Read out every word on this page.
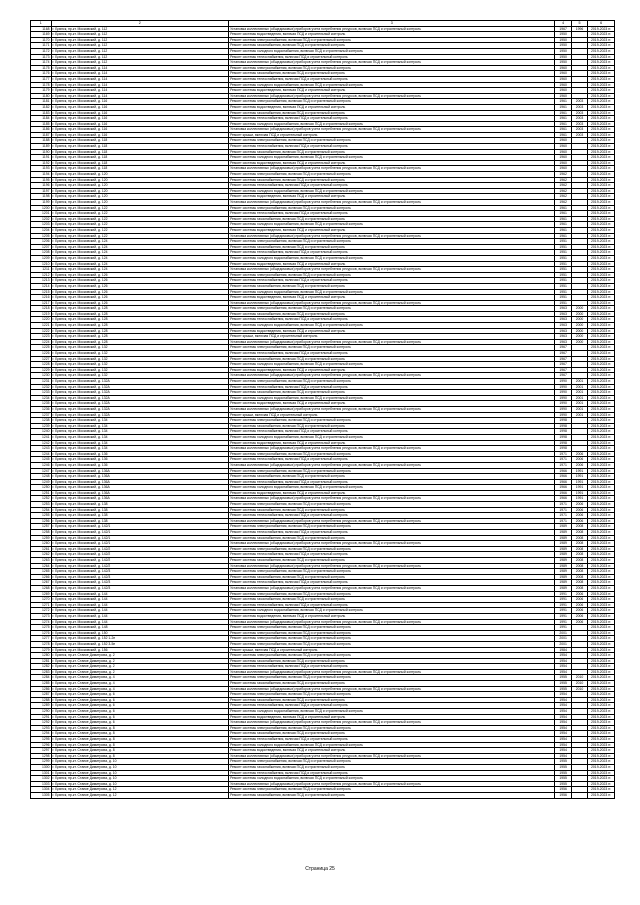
1	2	3	4	5	6
1168	г. Брянск, пр-кт. Московский, д. 112	Установка коллективных (общедомовых) приборов учета потребления ресурсов, включая ПСД и строительный контроль	1967	1996	2019-2023 гг.
1169	г. Брянск, пр-кт. Московский, д. 112	Ремонт системы водоотведения, включая ПСД и строительный контроль	1950		2019-2023 гг.
1170	г. Брянск, пр-кт. Московский, д. 112	Ремонт системы электроснабжения, включая ПСД и строительный контроль	1950		2019-2023 гг.
1171	г. Брянск, пр-кт. Московский, д. 112	Ремонт системы газоснабжения, включая ПСД и строительный контроль	1950		2019-2023 гг.
1172	г. Брянск, пр-кт. Московский, д. 112	Ремонт системы холодного водоснабжения, включая ПСД и строительный контроль	1950		2019-2023 гг.
1173	г. Брянск, пр-кт. Московский, д. 112	Ремонт системы теплоснабжения, включая ПСД и строительный контроль	1950		2019-2023 гг.
1174	г. Брянск, пр-кт. Московский, д. 112	Установка коллективных (общедомовых) приборов учета потребления ресурсов, включая ПСД и строительный контроль	1950		2019-2023 гг.
1175	г. Брянск, пр-кт. Московский, д. 114	Ремонт системы электроснабжения, включая ПСД и строительный контроль	1960		2019-2023 гг.
1176	г. Брянск, пр-кт. Московский, д. 114	Ремонт системы газоснабжения, включая ПСД и строительный контроль	1960		2019-2023 гг.
1177	г. Брянск, пр-кт. Московский, д. 114	Ремонт системы теплоснабжения, включая ПСД и строительный контроль	1960		2019-2023 гг.
1178	г. Брянск, пр-кт. Московский, д. 114	Ремонт системы холодного водоснабжения, включая ПСД и строительный контроль	1960		2019-2023 гг.
1179	г. Брянск, пр-кт. Московский, д. 114	Ремонт системы водоотведения, включая ПСД и строительный контроль	1960		2019-2023 гг.
1180	г. Брянск, пр-кт. Московский, д. 114	Установка коллективных (общедомовых) приборов учета потребления ресурсов, включая ПСД и строительный контроль	1960		2019-2023 гг.
1181	г. Брянск, пр-кт. Московский, д. 116	Ремонт системы электроснабжения, включая ПСД и строительный контроль	1961	2003	2019-2023 гг.
1182	г. Брянск, пр-кт. Московский, д. 116	Ремонт системы водоотведения, включая ПСД и строительный контроль	1961	2003	2019-2023 гг.
1183	г. Брянск, пр-кт. Московский, д. 116	Ремонт системы газоснабжения, включая ПСД и строительный контроль	1961	2003	2019-2023 гг.
1184	г. Брянск, пр-кт. Московский, д. 116	Ремонт системы теплоснабжения, включая ПСД и строительный контроль	1961	2003	2019-2023 гг.
1185	г. Брянск, пр-кт. Московский, д. 116	Ремонт системы холодного водоснабжения, включая ПСД и строительный контроль	1961	2003	2019-2023 гг.
1186	г. Брянск, пр-кт. Московский, д. 116	Установка коллективных (общедомовых) приборов учета потребления ресурсов, включая ПСД и строительный контроль	1961	2003	2019-2023 гг.
1187	г. Брянск, пр-кт. Московский, д. 116	Ремонт крыши, включая ПСД и строительный контроль	1961	2003	2019-2023 гг.
1188	г. Брянск, пр-кт. Московский, д. 118	Ремонт системы электроснабжения, включая ПСД и строительный контроль	1960		2019-2023 гг.
1189	г. Брянск, пр-кт. Московский, д. 118	Ремонт системы теплоснабжения, включая ПСД и строительный контроль	1960		2019-2023 гг.
1190	г. Брянск, пр-кт. Московский, д. 118	Ремонт системы газоснабжения, включая ПСД и строительный контроль	1960		2019-2023 гг.
1191	г. Брянск, пр-кт. Московский, д. 118	Ремонт системы холодного водоснабжения, включая ПСД и строительный контроль	1960		2019-2023 гг.
1192	г. Брянск, пр-кт. Московский, д. 118	Ремонт системы водоотведения, включая ПСД и строительный контроль	1960		2019-2023 гг.
1193	г. Брянск, пр-кт. Московский, д. 118	Установка коллективных (общедомовых) приборов учета потребления ресурсов, включая ПСД и строительный контроль	1960		2019-2023 гг.
1194	г. Брянск, пр-кт. Московский, д. 120	Ремонт системы электроснабжения, включая ПСД и строительный контроль	1962		2019-2023 гг.
1195	г. Брянск, пр-кт. Московский, д. 120	Ремонт системы газоснабжения, включая ПСД и строительный контроль	1962		2019-2023 гг.
1196	г. Брянск, пр-кт. Московский, д. 120	Ремонт системы теплоснабжения, включая ПСД и строительный контроль	1962		2019-2023 гг.
1197	г. Брянск, пр-кт. Московский, д. 120	Ремонт системы холодного водоснабжения, включая ПСД и строительный контроль	1962		2019-2023 гг.
1198	г. Брянск, пр-кт. Московский, д. 120	Ремонт системы водоотведения, включая ПСД и строительный контроль	1962		2019-2023 гг.
1199	г. Брянск, пр-кт. Московский, д. 120	Установка коллективных (общедомовых) приборов учета потребления ресурсов, включая ПСД и строительный контроль	1962		2019-2023 гг.
1200	г. Брянск, пр-кт. Московский, д. 122	Ремонт системы электроснабжения, включая ПСД и строительный контроль	1961		2019-2023 гг.
1201	г. Брянск, пр-кт. Московский, д. 122	Ремонт системы теплоснабжения, включая ПСД и строительный контроль	1961		2019-2023 гг.
1202	г. Брянск, пр-кт. Московский, д. 122	Ремонт системы газоснабжения, включая ПСД и строительный контроль	1961		2019-2023 гг.
1203	г. Брянск, пр-кт. Московский, д. 122	Ремонт системы холодного водоснабжения, включая ПСД и строительный контроль	1961		2019-2023 гг.
1204	г. Брянск, пр-кт. Московский, д. 122	Ремонт системы водоотведения, включая ПСД и строительный контроль	1961		2019-2023 гг.
1205	г. Брянск, пр-кт. Московский, д. 122	Установка коллективных (общедомовых) приборов учета потребления ресурсов, включая ПСД и строительный контроль	1961		2019-2023 гг.
1206	г. Брянск, пр-кт. Московский, д. 124	Ремонт системы электроснабжения, включая ПСД и строительный контроль	1951		2019-2023 гг.
1207	г. Брянск, пр-кт. Московский, д. 124	Ремонт системы газоснабжения, включая ПСД и строительный контроль	1951		2019-2023 гг.
1208	г. Брянск, пр-кт. Московский, д. 124	Ремонт системы теплоснабжения, включая ПСД и строительный контроль	1951		2019-2023 гг.
1209	г. Брянск, пр-кт. Московский, д. 124	Ремонт системы холодного водоснабжения, включая ПСД и строительный контроль	1951		2019-2023 гг.
1210	г. Брянск, пр-кт. Московский, д. 124	Ремонт системы водоотведения, включая ПСД и строительный контроль	1951		2019-2023 гг.
1211	г. Брянск, пр-кт. Московский, д. 124	Установка коллективных (общедомовых) приборов учета потребления ресурсов, включая ПСД и строительный контроль	1951		2019-2023 гг.
1212	г. Брянск, пр-кт. Московский, д. 126	Ремонт системы электроснабжения, включая ПСД и строительный контроль	1951		2019-2023 гг.
1213	г. Брянск, пр-кт. Московский, д. 126	Ремонт системы теплоснабжения, включая ПСД и строительный контроль	1951		2019-2023 гг.
1214	г. Брянск, пр-кт. Московский, д. 126	Ремонт системы газоснабжения, включая ПСД и строительный контроль	1951		2019-2023 гг.
1215	г. Брянск, пр-кт. Московский, д. 126	Ремонт системы холодного водоснабжения, включая ПСД и строительный контроль	1951		2019-2023 гг.
1216	г. Брянск, пр-кт. Московский, д. 126	Ремонт системы водоотведения, включая ПСД и строительный контроль	1951		2019-2023 гг.
1217	г. Брянск, пр-кт. Московский, д. 126	Установка коллективных (общедомовых) приборов учета потребления ресурсов, включая ПСД и строительный контроль	1951		2019-2023 гг.
1218	г. Брянск, пр-кт. Московский, д. 128	Ремонт системы электроснабжения, включая ПСД и строительный контроль	1963	2000	2019-2023 гг.
1219	г. Брянск, пр-кт. Московский, д. 128	Ремонт системы газоснабжения, включая ПСД и строительный контроль	1963	2000	2019-2023 гг.
1220	г. Брянск, пр-кт. Московский, д. 128	Ремонт системы теплоснабжения, включая ПСД и строительный контроль	1963	2000	2019-2023 гг.
1221	г. Брянск, пр-кт. Московский, д. 128	Ремонт системы холодного водоснабжения, включая ПСД и строительный контроль	1963	2000	2019-2023 гг.
1222	г. Брянск, пр-кт. Московский, д. 128	Ремонт системы водоотведения, включая ПСД и строительный контроль	1963	2000	2019-2023 гг.
1223	г. Брянск, пр-кт. Московский, д. 128	Ремонт крыши, включая ПСД и строительный контроль	1963	2000	2019-2023 гг.
1224	г. Брянск, пр-кт. Московский, д. 128	Установка коллективных (общедомовых) приборов учета потребления ресурсов, включая ПСД и строительный контроль	1963	2000	2019-2023 гг.
1225	г. Брянск, пр-кт. Московский, д. 132	Ремонт системы электроснабжения, включая ПСД и строительный контроль	1967		2019-2023 гг.
1226	г. Брянск, пр-кт. Московский, д. 132	Ремонт системы теплоснабжения, включая ПСД и строительный контроль	1967		2019-2023 гг.
1227	г. Брянск, пр-кт. Московский, д. 132	Ремонт системы газоснабжения, включая ПСД и строительный контроль	1967		2019-2023 гг.
1228	г. Брянск, пр-кт. Московский, д. 132	Ремонт системы холодного водоснабжения, включая ПСД и строительный контроль	1967		2019-2023 гг.
1229	г. Брянск, пр-кт. Московский, д. 132	Ремонт системы водоотведения, включая ПСД и строительный контроль	1967		2019-2023 гг.
1230	г. Брянск, пр-кт. Московский, д. 132	Установка коллективных (общедомовых) приборов учета потребления ресурсов, включая ПСД и строительный контроль	1967		2019-2023 гг.
1231	г. Брянск, пр-кт. Московский, д. 132А	Ремонт системы электроснабжения, включая ПСД и строительный контроль	1990	2001	2019-2023 гг.
1232	г. Брянск, пр-кт. Московский, д. 132А	Ремонт системы теплоснабжения, включая ПСД и строительный контроль	1990	2001	2019-2023 гг.
1233	г. Брянск, пр-кт. Московский, д. 132А	Ремонт системы газоснабжения, включая ПСД и строительный контроль	1990	2001	2019-2023 гг.
1234	г. Брянск, пр-кт. Московский, д. 132А	Ремонт системы холодного водоснабжения, включая ПСД и строительный контроль	1990	2001	2019-2023 гг.
1235	г. Брянск, пр-кт. Московский, д. 132А	Ремонт системы водоотведения, включая ПСД и строительный контроль	1990	2001	2019-2023 гг.
1236	г. Брянск, пр-кт. Московский, д. 132А	Установка коллективных (общедомовых) приборов учета потребления ресурсов, включая ПСД и строительный контроль	1990	2001	2019-2023 гг.
1237	г. Брянск, пр-кт. Московский, д. 132А	Ремонт крыши, включая ПСД и строительный контроль	1990	2001	2019-2023 гг.
1238	г. Брянск, пр-кт. Московский, д. 134	Ремонт системы электроснабжения, включая ПСД и строительный контроль	1998		2019-2023 гг.
1239	г. Брянск, пр-кт. Московский, д. 134	Ремонт системы газоснабжения, включая ПСД и строительный контроль	1998		2019-2023 гг.
1240	г. Брянск, пр-кт. Московский, д. 134	Ремонт системы теплоснабжения, включая ПСД и строительный контроль	1998		2019-2023 гг.
1241	г. Брянск, пр-кт. Московский, д. 134	Ремонт системы холодного водоснабжения, включая ПСД и строительный контроль	1998		2019-2023 гг.
1242	г. Брянск, пр-кт. Московский, д. 134	Ремонт системы водоотведения, включая ПСД и строительный контроль	1998		2019-2023 гг.
1243	г. Брянск, пр-кт. Московский, д. 134	Установка коллективных (общедомовых) приборов учета потребления ресурсов, включая ПСД и строительный контроль	1998		2019-2023 гг.
1244	г. Брянск, пр-кт. Московский, д. 136	Ремонт системы электроснабжения, включая ПСД и строительный контроль	1971	2006	2019-2023 гг.
1245	г. Брянск, пр-кт. Московский, д. 136	Ремонт системы теплоснабжения, включая ПСД и строительный контроль	1971	2006	2019-2023 гг.
1246	г. Брянск, пр-кт. Московский, д. 136	Установка коллективных (общедомовых) приборов учета потребления ресурсов, включая ПСД и строительный контроль	1971	2006	2019-2023 гг.
1247	г. Брянск, пр-кт. Московский, д. 136А	Ремонт системы электроснабжения, включая ПСД и строительный контроль	1966	1991	2019-2023 гг.
1248	г. Брянск, пр-кт. Московский, д. 136А	Ремонт системы газоснабжения, включая ПСД и строительный контроль	1966	1991	2019-2023 гг.
1249	г. Брянск, пр-кт. Московский, д. 136А	Ремонт системы теплоснабжения, включая ПСД и строительный контроль	1966	1991	2019-2023 гг.
1250	г. Брянск, пр-кт. Московский, д. 136А	Ремонт системы холодного водоснабжения, включая ПСД и строительный контроль	1966	1991	2019-2023 гг.
1251	г. Брянск, пр-кт. Московский, д. 136А	Ремонт системы водоотведения, включая ПСД и строительный контроль	1966	1991	2019-2023 гг.
1252	г. Брянск, пр-кт. Московский, д. 136А	Установка коллективных (общедомовых) приборов учета потребления ресурсов, включая ПСД и строительный контроль	1966	1991	2019-2023 гг.
1253	г. Брянск, пр-кт. Московский, д. 138	Ремонт системы электроснабжения, включая ПСД и строительный контроль	1971	2006	2019-2023 гг.
1254	г. Брянск, пр-кт. Московский, д. 138	Ремонт системы газоснабжения, включая ПСД и строительный контроль	1971	2006	2019-2023 гг.
1255	г. Брянск, пр-кт. Московский, д. 138	Ремонт системы теплоснабжения, включая ПСД и строительный контроль	1971	2006	2019-2023 гг.
1256	г. Брянск, пр-кт. Московский, д. 138	Установка коллективных (общедомовых) приборов учета потребления ресурсов, включая ПСД и строительный контроль	1971	2006	2019-2023 гг.
1257	г. Брянск, пр-кт. Московский, д. 142/1	Ремонт системы электроснабжения, включая ПСД и строительный контроль	1989	2008	2019-2023 гг.
1258	г. Брянск, пр-кт. Московский, д. 142/1	Ремонт системы теплоснабжения, включая ПСД и строительный контроль	1989	2008	2019-2023 гг.
1259	г. Брянск, пр-кт. Московский, д. 142/1	Ремонт системы газоснабжения, включая ПСД и строительный контроль	1989	2008	2019-2023 гг.
1260	г. Брянск, пр-кт. Московский, д. 142/1	Установка коллективных (общедомовых) приборов учета потребления ресурсов, включая ПСД и строительный контроль	1989	2008	2019-2023 гг.
1261	г. Брянск, пр-кт. Московский, д. 142/2	Ремонт системы электроснабжения, включая ПСД и строительный контроль	1989	2008	2019-2023 гг.
1262	г. Брянск, пр-кт. Московский, д. 142/2	Ремонт системы теплоснабжения, включая ПСД и строительный контроль	1989	2008	2019-2023 гг.
1263	г. Брянск, пр-кт. Московский, д. 142/2	Ремонт системы газоснабжения, включая ПСД и строительный контроль	1989	2008	2019-2023 гг.
1264	г. Брянск, пр-кт. Московский, д. 142/2	Установка коллективных (общедомовых) приборов учета потребления ресурсов, включая ПСД и строительный контроль	1989	2008	2019-2023 гг.
1265	г. Брянск, пр-кт. Московский, д. 142/3	Ремонт системы электроснабжения, включая ПСД и строительный контроль	1989	2008	2019-2023 гг.
1266	г. Брянск, пр-кт. Московский, д. 142/3	Ремонт системы газоснабжения, включая ПСД и строительный контроль	1989	2008	2019-2023 гг.
1267	г. Брянск, пр-кт. Московский, д. 142/3	Ремонт системы теплоснабжения, включая ПСД и строительный контроль	1989	2008	2019-2023 гг.
1268	г. Брянск, пр-кт. Московский, д. 142/3	Установка коллективных (общедомовых) приборов учета потребления ресурсов, включая ПСД и строительный контроль	1989	2008	2019-2023 гг.
1269	г. Брянск, пр-кт. Московский, д. 144	Ремонт системы электроснабжения, включая ПСД и строительный контроль	1991	2006	2019-2023 гг.
1270	г. Брянск, пр-кт. Московский, д. 144	Ремонт системы газоснабжения, включая ПСД и строительный контроль	1991	2006	2019-2023 гг.
1271	г. Брянск, пр-кт. Московский, д. 144	Ремонт системы теплоснабжения, включая ПСД и строительный контроль	1991	2006	2019-2023 гг.
1272	г. Брянск, пр-кт. Московский, д. 144	Ремонт системы холодного водоснабжения, включая ПСД и строительный контроль	1991	2006	2019-2023 гг.
1273	г. Брянск, пр-кт. Московский, д. 144	Ремонт системы водоотведения, включая ПСД и строительный контроль	1991	2006	2019-2023 гг.
1274	г. Брянск, пр-кт. Московский, д. 144	Установка коллективных (общедомовых) приборов учета потребления ресурсов, включая ПСД и строительный контроль	1991	2006	2019-2023 гг.
1275	г. Брянск, пр-кт. Московский, д. 148	Ремонт системы электроснабжения, включая ПСД и строительный контроль	1991		2019-2023 гг.
1276	г. Брянск, пр-кт. Московский, д. 150	Ремонт системы электроснабжения, включая ПСД и строительный контроль	2001		2019-2023 гг.
1277	г. Брянск, пр-кт. Московский, д. 152 1-2п	Ремонт системы электроснабжения, включая ПСД и строительный контроль	2001		2019-2023 гг.
1278	г. Брянск, пр-кт. Московский, д. 152 3-5п	Ремонт системы электроснабжения, включая ПСД и строительный контроль	2001		2019-2023 гг.
1279	г. Брянск, пр-кт. Московский, д. 156	Ремонт крыши, включая ПСД и строительный контроль	1984		2019-2023 гг.
1280	г. Брянск, пр-кт. Станке Димитрова, д. 2	Ремонт системы электроснабжения, включая ПСД и строительный контроль	1954		2019-2023 гг.
1281	г. Брянск, пр-кт. Станке Димитрова, д. 2	Ремонт системы газоснабжения, включая ПСД и строительный контроль	1954		2019-2023 гг.
1282	г. Брянск, пр-кт. Станке Димитрова, д. 2	Ремонт системы теплоснабжения, включая ПСД и строительный контроль	1954		2019-2023 гг.
1283	г. Брянск, пр-кт. Станке Димитрова, д. 2	Установка коллективных (общедомовых) приборов учета потребления ресурсов, включая ПСД и строительный контроль	1954		2019-2023 гг.
1284	г. Брянск, пр-кт. Станке Димитрова, д. 4	Ремонт системы электроснабжения, включая ПСД и строительный контроль	1955	2010	2019-2023 гг.
1285	г. Брянск, пр-кт. Станке Димитрова, д. 4	Ремонт системы газоснабжения, включая ПСД и строительный контроль	1955	2010	2019-2023 гг.
1286	г. Брянск, пр-кт. Станке Димитрова, д. 4	Установка коллективных (общедомовых) приборов учета потребления ресурсов, включая ПСД и строительный контроль	1955	2010	2019-2023 гг.
1287	г. Брянск, пр-кт. Станке Димитрова, д. 6	Ремонт системы электроснабжения, включая ПСД и строительный контроль	1954		2019-2023 гг.
1288	г. Брянск, пр-кт. Станке Димитрова, д. 6	Ремонт системы газоснабжения, включая ПСД и строительный контроль	1954		2019-2023 гг.
1289	г. Брянск, пр-кт. Станке Димитрова, д. 6	Ремонт системы теплоснабжения, включая ПСД и строительный контроль	1954		2019-2023 гг.
1290	г. Брянск, пр-кт. Станке Димитрова, д. 6	Ремонт системы холодного водоснабжения, включая ПСД и строительный контроль	1954		2019-2023 гг.
1291	г. Брянск, пр-кт. Станке Димитрова, д. 6	Ремонт системы водоотведения, включая ПСД и строительный контроль	1954		2019-2023 гг.
1292	г. Брянск, пр-кт. Станке Димитрова, д. 6	Установка коллективных (общедомовых) приборов учета потребления ресурсов, включая ПСД и строительный контроль	1954		2019-2023 гг.
1293	г. Брянск, пр-кт. Станке Димитрова, д. 8	Ремонт системы электроснабжения, включая ПСД и строительный контроль	1954		2019-2023 гг.
1294	г. Брянск, пр-кт. Станке Димитрова, д. 8	Ремонт системы газоснабжения, включая ПСД и строительный контроль	1954		2019-2023 гг.
1295	г. Брянск, пр-кт. Станке Димитрова, д. 8	Ремонт системы теплоснабжения, включая ПСД и строительный контроль	1954		2019-2023 гг.
1296	г. Брянск, пр-кт. Станке Димитрова, д. 8	Ремонт системы холодного водоснабжения, включая ПСД и строительный контроль	1954		2019-2023 гг.
1297	г. Брянск, пр-кт. Станке Димитрова, д. 8	Ремонт системы водоотведения, включая ПСД и строительный контроль	1954		2019-2023 гг.
1298	г. Брянск, пр-кт. Станке Димитрова, д. 8	Установка коллективных (общедомовых) приборов учета потребления ресурсов, включая ПСД и строительный контроль	1954		2019-2023 гг.
1299	г. Брянск, пр-кт. Станке Димитрова, д. 10	Ремонт системы электроснабжения, включая ПСД и строительный контроль	1955		2019-2023 гг.
1300	г. Брянск, пр-кт. Станке Димитрова, д. 10	Ремонт системы газоснабжения, включая ПСД и строительный контроль	1955		2019-2023 гг.
1301	г. Брянск, пр-кт. Станке Димитрова, д. 10	Ремонт системы теплоснабжения, включая ПСД и строительный контроль	1955		2019-2023 гг.
1302	г. Брянск, пр-кт. Станке Димитрова, д. 10	Ремонт системы холодного водоснабжения, включая ПСД и строительный контроль	1955		2019-2023 гг.
1303	г. Брянск, пр-кт. Станке Димитрова, д. 10	Установка коллективных (общедомовых) приборов учета потребления ресурсов, включая ПСД и строительный контроль	1955		2019-2023 гг.
1304	г. Брянск, пр-кт. Станке Димитрова, д. 12	Ремонт системы электроснабжения, включая ПСД и строительный контроль	1956		2019-2023 гг.
1305	г. Брянск, пр-кт. Станке Димитрова, д. 12	Ремонт системы газоснабжения, включая ПСД и строительный контроль	1956		2019-2023 гг.
Страница 25
